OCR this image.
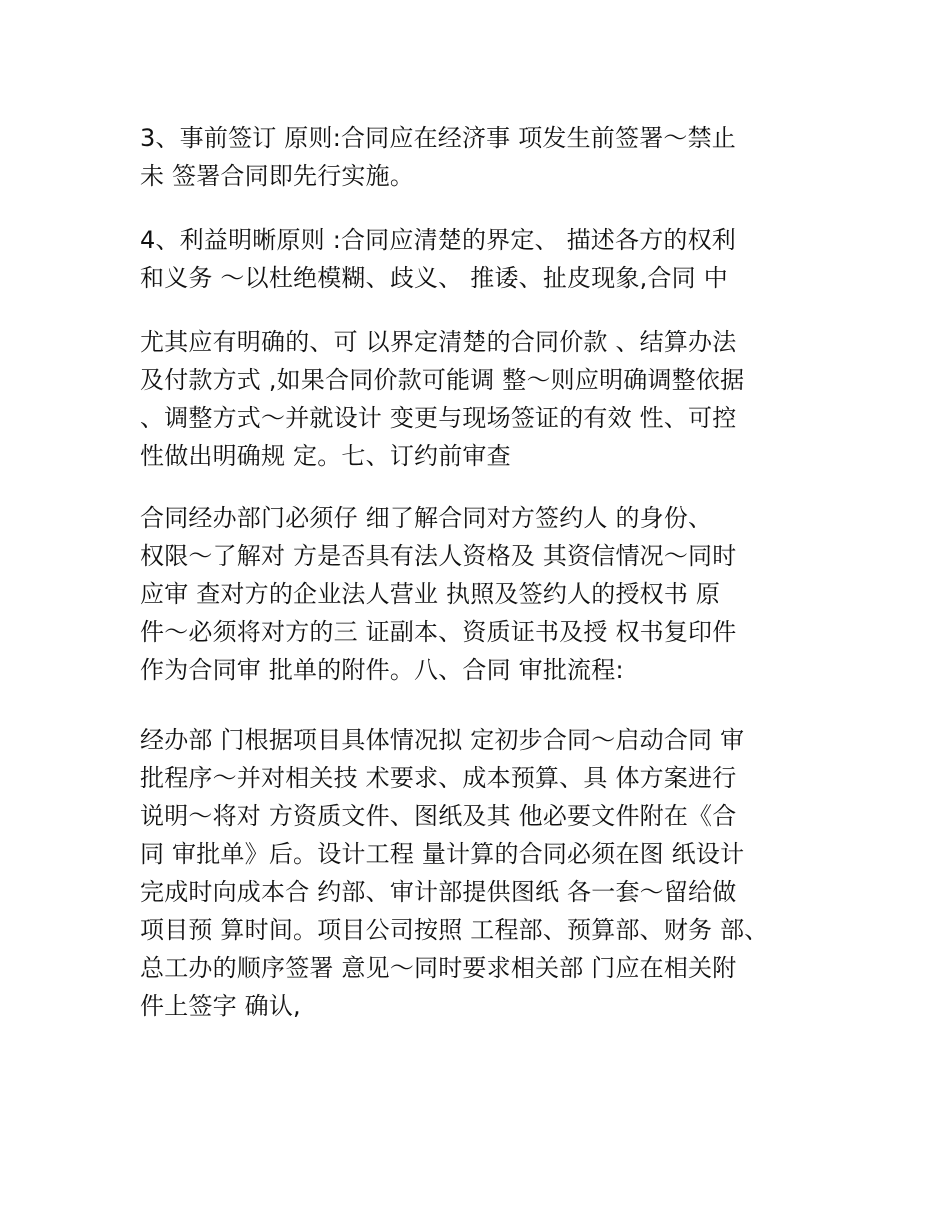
3、事前签订 原则:合同应在经济事 项发生前签署～禁止
未 签署合同即先行实施。
4、利益明晰原则 :合同应清楚的界定、 描述各方的权利
和义务 ～以杜绝模糊、歧义、 推诿、扯皮现象,合同 中
尤其应有明确的、可 以界定清楚的合同价款 、结算办法
及付款方式 ,如果合同价款可能调 整～则应明确调整依据
、调整方式～并就设计 变更与现场签证的有效 性、可控
性做出明确规 定。七、订约前审查
合同经办部门必须仔 细了解合同对方签约人 的身份、
权限～了解对 方是否具有法人资格及 其资信情况～同时
应审 查对方的企业法人营业 执照及签约人的授权书 原
件～必须将对方的三 证副本、资质证书及授 权书复印件
作为合同审 批单的附件。八、合同 审批流程:
经办部 门根据项目具体情况拟 定初步合同～启动合同 审
批程序～并对相关技 术要求、成本预算、具 体方案进行
说明～将对 方资质文件、图纸及其 他必要文件附在《合
同 审批单》后。设计工程 量计算的合同必须在图 纸设计
完成时向成本合 约部、审计部提供图纸 各一套～留给做
项目预 算时间。项目公司按照 工程部、预算部、财务 部、
总工办的顺序签署 意见～同时要求相关部 门应在相关附
件上签字 确认,
